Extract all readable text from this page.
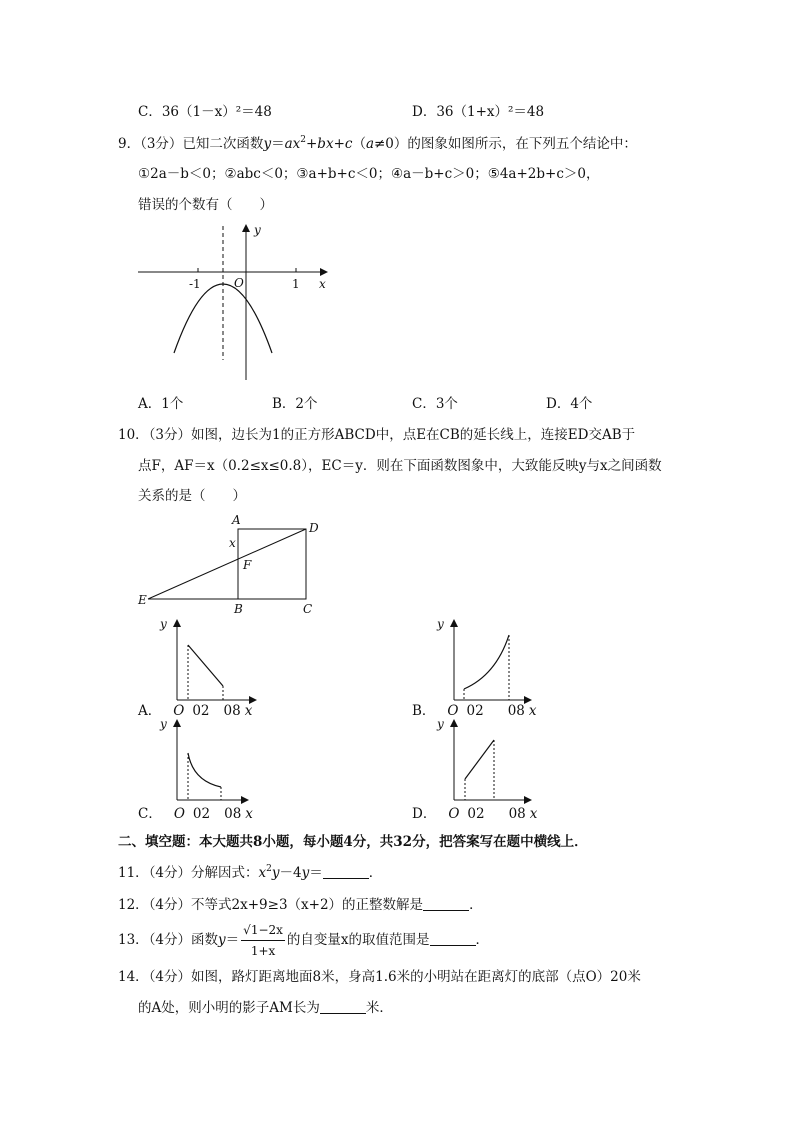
C．36（1－x）²＝48	D．36（1+x）²＝48
9．（3分）已知二次函数$y=ax^2+bx+c(a\ne 0)$的图象如图所示，在下列五个结论中：
①2a－b＜0；②abc＜0；③a+b+c＜0；④a－b+c＞0；⑤4a+2b+c＞0，
错误的个数有（　　）
-1	1
O	x
y
A．1个	B．2个	C．3个	D．4个
10．（3分）如图，边长为1的正方形ABCD中，点E在CB的延长线上，连接ED交AB于
点F，AF＝x（0.2≤x≤0.8），EC＝y．则在下面函数图象中，大致能反映y与x之间函数
关系的是（　　）
A
D
x
F
E
B	C
y
A． O 02 08 x
y
B． O 02 08 x
y
C． O 02 08 x
y
D． O 02 08 x
二、填空题：本大题共8小题，每小题4分，共32分，把答案写在题中横线上．
11．（4分）分解因式：$x^2y-4y=$	．
12．（4分）不等式2x+9≥3（x+2）的正整数解是	．
13．（4分）函数$y= \frac{√1-2x}{1+x}$ 的自变量x的取值范围是	．
14．（4分）如图，路灯距离地面8米，身高1.6米的小明站在距离灯的底部（点O）20米
的A处，则小明的影子AM长为	米．
